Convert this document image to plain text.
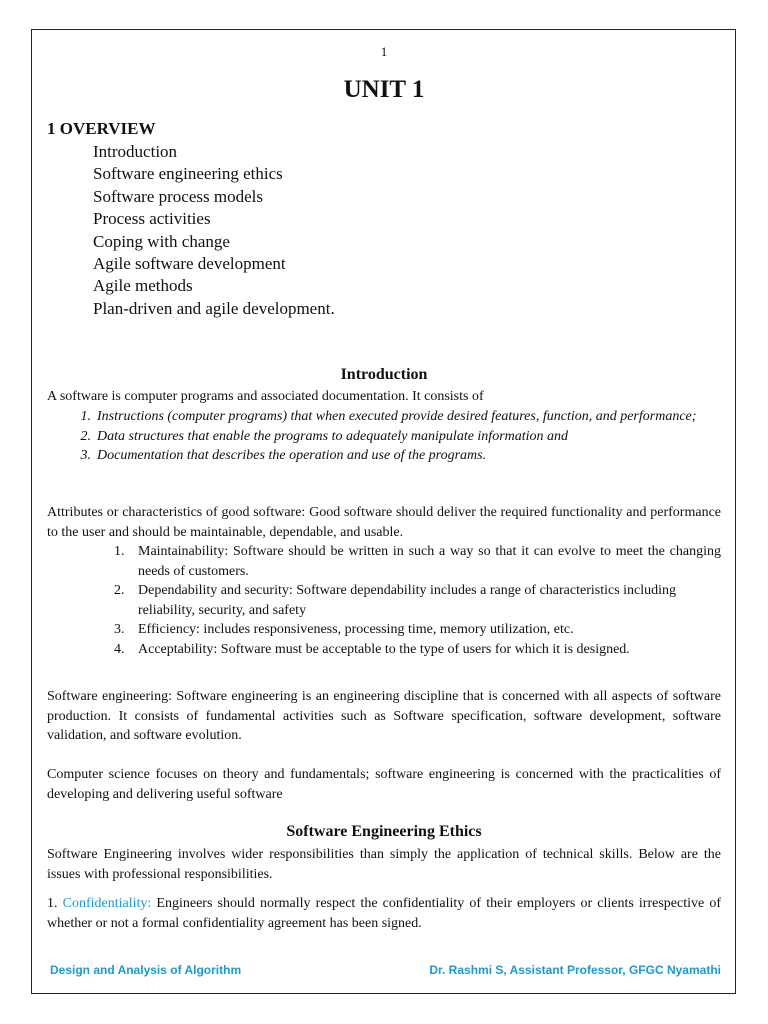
1
UNIT 1
1 OVERVIEW
Introduction
Software engineering ethics
Software process models
Process activities
Coping with change
Agile software development
Agile methods
Plan-driven and agile development.
Introduction
A software is computer programs and associated documentation. It consists of
1. Instructions (computer programs) that when executed provide desired features, function, and performance;
2. Data structures that enable the programs to adequately manipulate information and
3. Documentation that describes the operation and use of the programs.
Attributes or characteristics of good software: Good software should deliver the required functionality and performance to the user and should be maintainable, dependable, and usable.
1. Maintainability: Software should be written in such a way so that it can evolve to meet the changing needs of customers.
2. Dependability and security: Software dependability includes a range of characteristics including reliability, security, and safety
3. Efficiency: includes responsiveness, processing time, memory utilization, etc.
4. Acceptability: Software must be acceptable to the type of users for which it is designed.
Software engineering: Software engineering is an engineering discipline that is concerned with all aspects of software production. It consists of fundamental activities such as Software specification, software development, software validation, and software evolution.
Computer science focuses on theory and fundamentals; software engineering is concerned with the practicalities of developing and delivering useful software
Software Engineering Ethics
Software Engineering involves wider responsibilities than simply the application of technical skills. Below are the issues with professional responsibilities.
1. Confidentiality: Engineers should normally respect the confidentiality of their employers or clients irrespective of whether or not a formal confidentiality agreement has been signed.
Design and Analysis of Algorithm	Dr. Rashmi S, Assistant Professor, GFGC Nyamathi
